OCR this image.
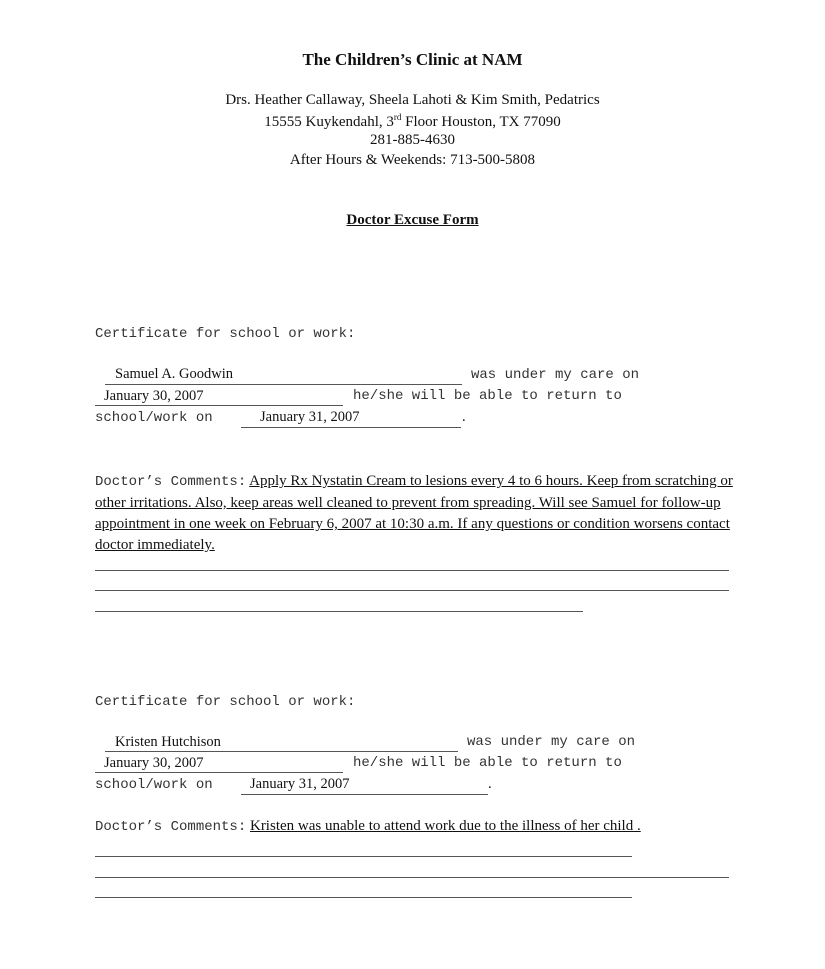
The Children’s Clinic at NAM
Drs. Heather Callaway, Sheela Lahoti & Kim Smith, Pedatrics
15555 Kuykendahl, 3rd Floor Houston, TX 77090
281-885-4630
After Hours & Weekends: 713-500-5808
Doctor Excuse Form
Certificate for school or work:
Samuel A. Goodwin	was under my care on
January 30, 2007	he/she will be able to return to
school/work on	January 31, 2007	.
Doctor’s Comments: Apply Rx Nystatin Cream to lesions every 4 to 6 hours. Keep from scratching or other irritations. Also, keep areas well cleaned to prevent from spreading. Will see Samuel for follow-up appointment in one week on February 6, 2007 at 10:30 a.m. If any questions or condition worsens contact doctor immediately.
Certificate for school or work:
Kristen Hutchison	was under my care on
January 30, 2007	he/she will be able to return to
school/work on	January 31, 2007	.
Doctor’s Comments: Kristen was unable to attend work due to the illness of her child .
